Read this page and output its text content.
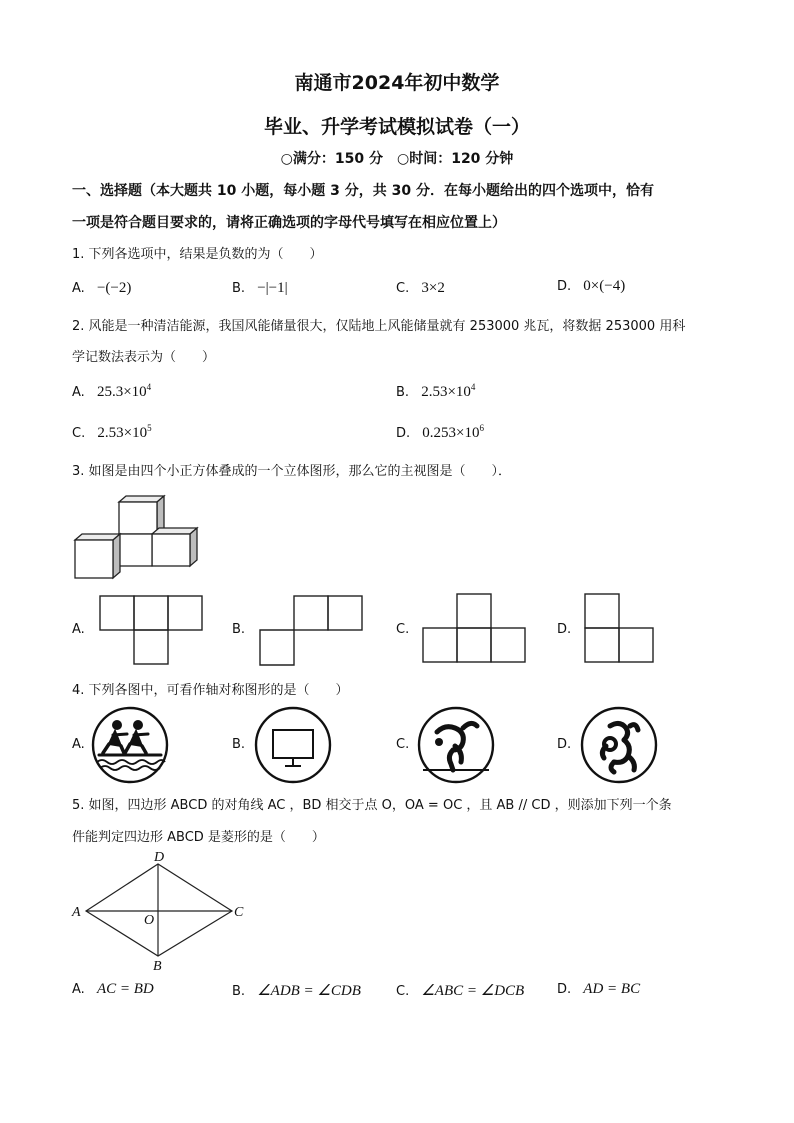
南通市2024年初中数学
毕业、升学考试模拟试卷（一）
○满分：150 分　○时间：120 分钟
一、选择题（本大题共 10 小题，每小题 3 分，共 30 分．在每小题给出的四个选项中，恰有
一项是符合题目要求的，请将正确选项的字母代号填写在相应位置上）
1. 下列各选项中，结果是负数的为（　　）
A. −(−2)	B. −|−1|	C. 3×2	D. 0×(−4)
2. 风能是一种清洁能源，我国风能储量很大，仅陆地上风能储量就有 253000 兆瓦，将数据 253000 用科
学记数法表示为（　　）
A. $25.3\times 10^4$	B. $2.53\times 10^4$
C. $2.53\times 10^5$	D. $0.253\times 10^6$
3. 如图是由四个小正方体叠成的一个立体图形，那么它的主视图是（　　）．
A.	B.	C.	D.
4. 下列各图中，可看作轴对称图形的是（　　）
A.	B.	C.	D.
5. 如图，四边形 ABCD 的对角线 AC ，BD 相交于点 O，OA = OC ，且 AB // CD ，则添加下列一个条
件能判定四边形 ABCD 是菱形的是（　　）
A
D
C
B
O
A. AC = BD	B. ∠ADB = ∠CDB	C. ∠ABC = ∠DCB	D. AD = BC
